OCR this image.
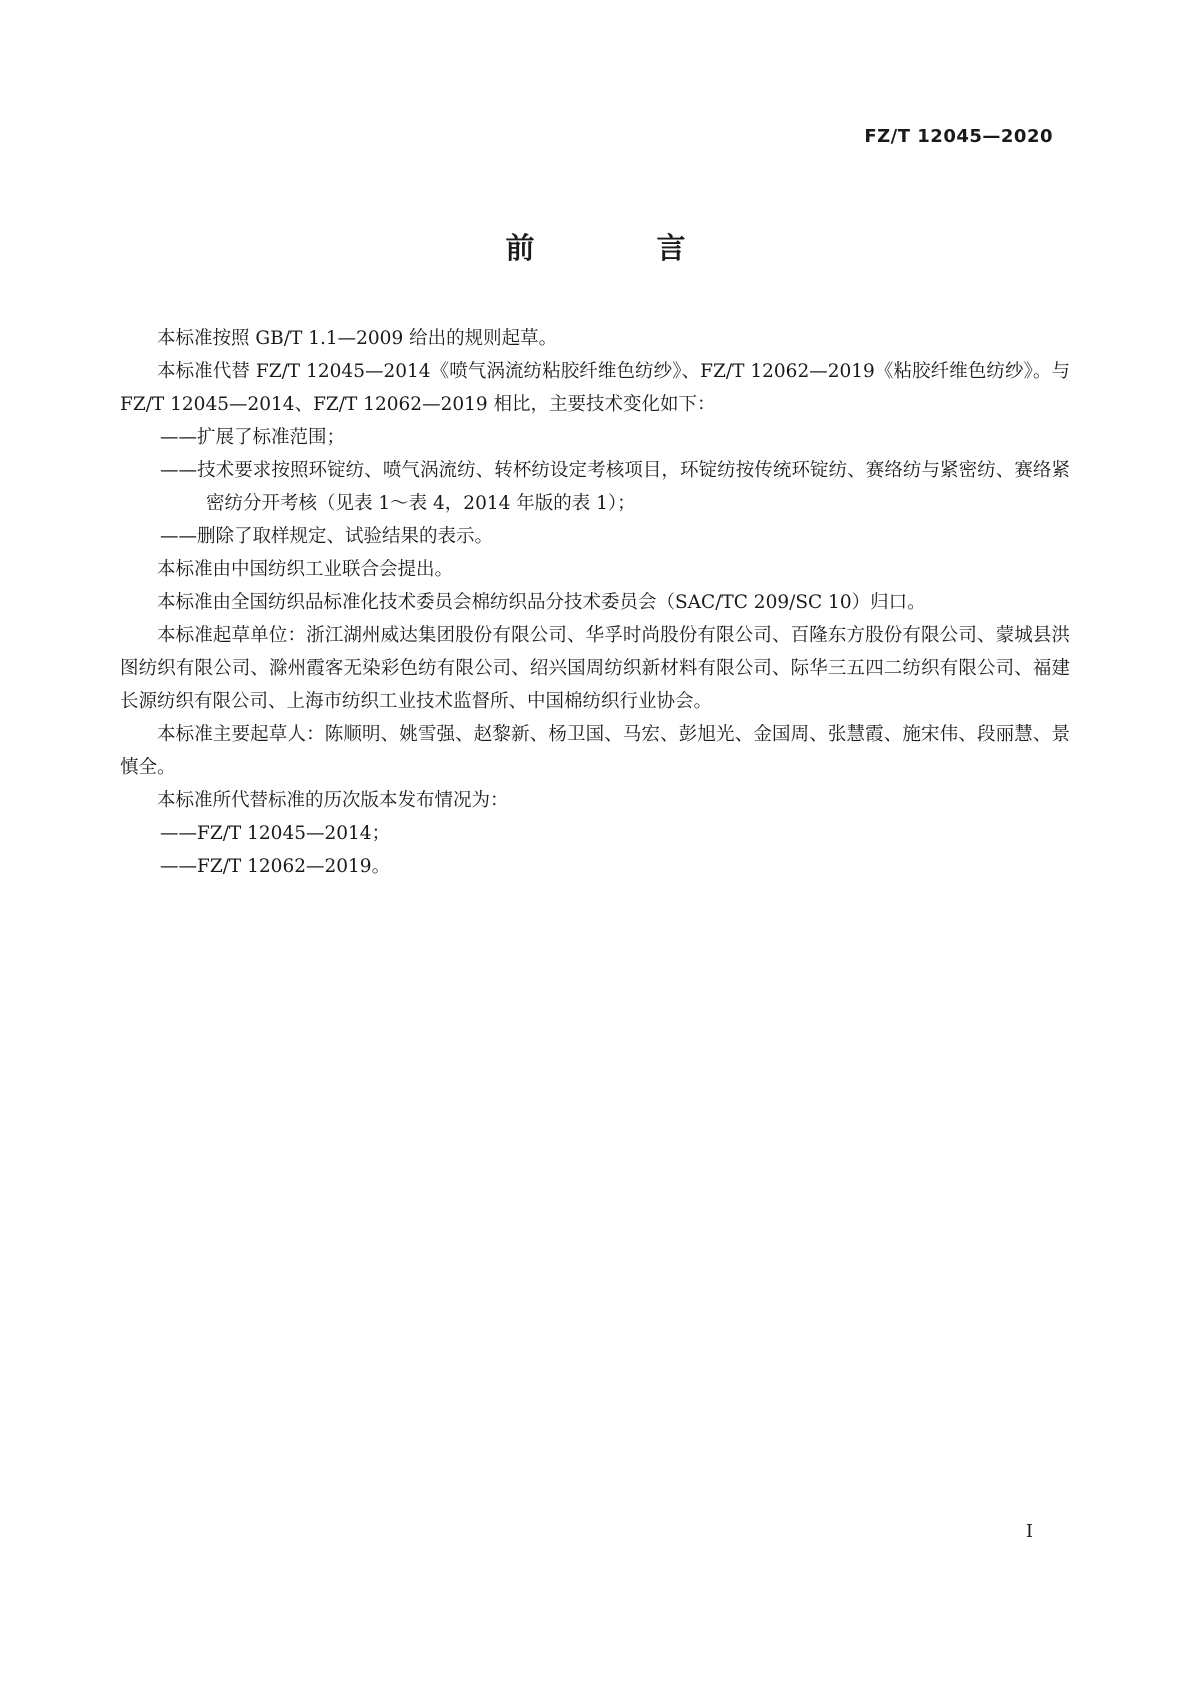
FZ/T 12045—2020
前 言

本标准按照 GB/T 1.1—2009 给出的规则起草。

本标准代替 FZ/T 12045—2014《喷气涡流纺粘胶纤维色纺纱》、FZ/T 12062—2019《粘胶纤维色纺纱》。与 FZ/T 12045—2014、FZ/T 12062—2019 相比，主要技术变化如下：

——扩展了标准范围；

——技术要求按照环锭纺、喷气涡流纺、转杯纺设定考核项目，环锭纺按传统环锭纺、赛络纺与紧密纺、赛络紧密纺分开考核（见表 1～表 4，2014 年版的表 1）；

——删除了取样规定、试验结果的表示。

本标准由中国纺织工业联合会提出。

本标准由全国纺织品标准化技术委员会棉纺织品分技术委员会（SAC/TC 209/SC 10）归口。

本标准起草单位：浙江湖州威达集团股份有限公司、华孚时尚股份有限公司、百隆东方股份有限公司、蒙城县洪图纺织有限公司、滁州霞客无染彩色纺有限公司、绍兴国周纺织新材料有限公司、际华三五四二纺织有限公司、福建长源纺织有限公司、上海市纺织工业技术监督所、中国棉纺织行业协会。

本标准主要起草人：陈顺明、姚雪强、赵黎新、杨卫国、马宏、彭旭光、金国周、张慧霞、施宋伟、段丽慧、景慎全。

本标准所代替标准的历次版本发布情况为：

——FZ/T 12045—2014；

——FZ/T 12062—2019。

I
